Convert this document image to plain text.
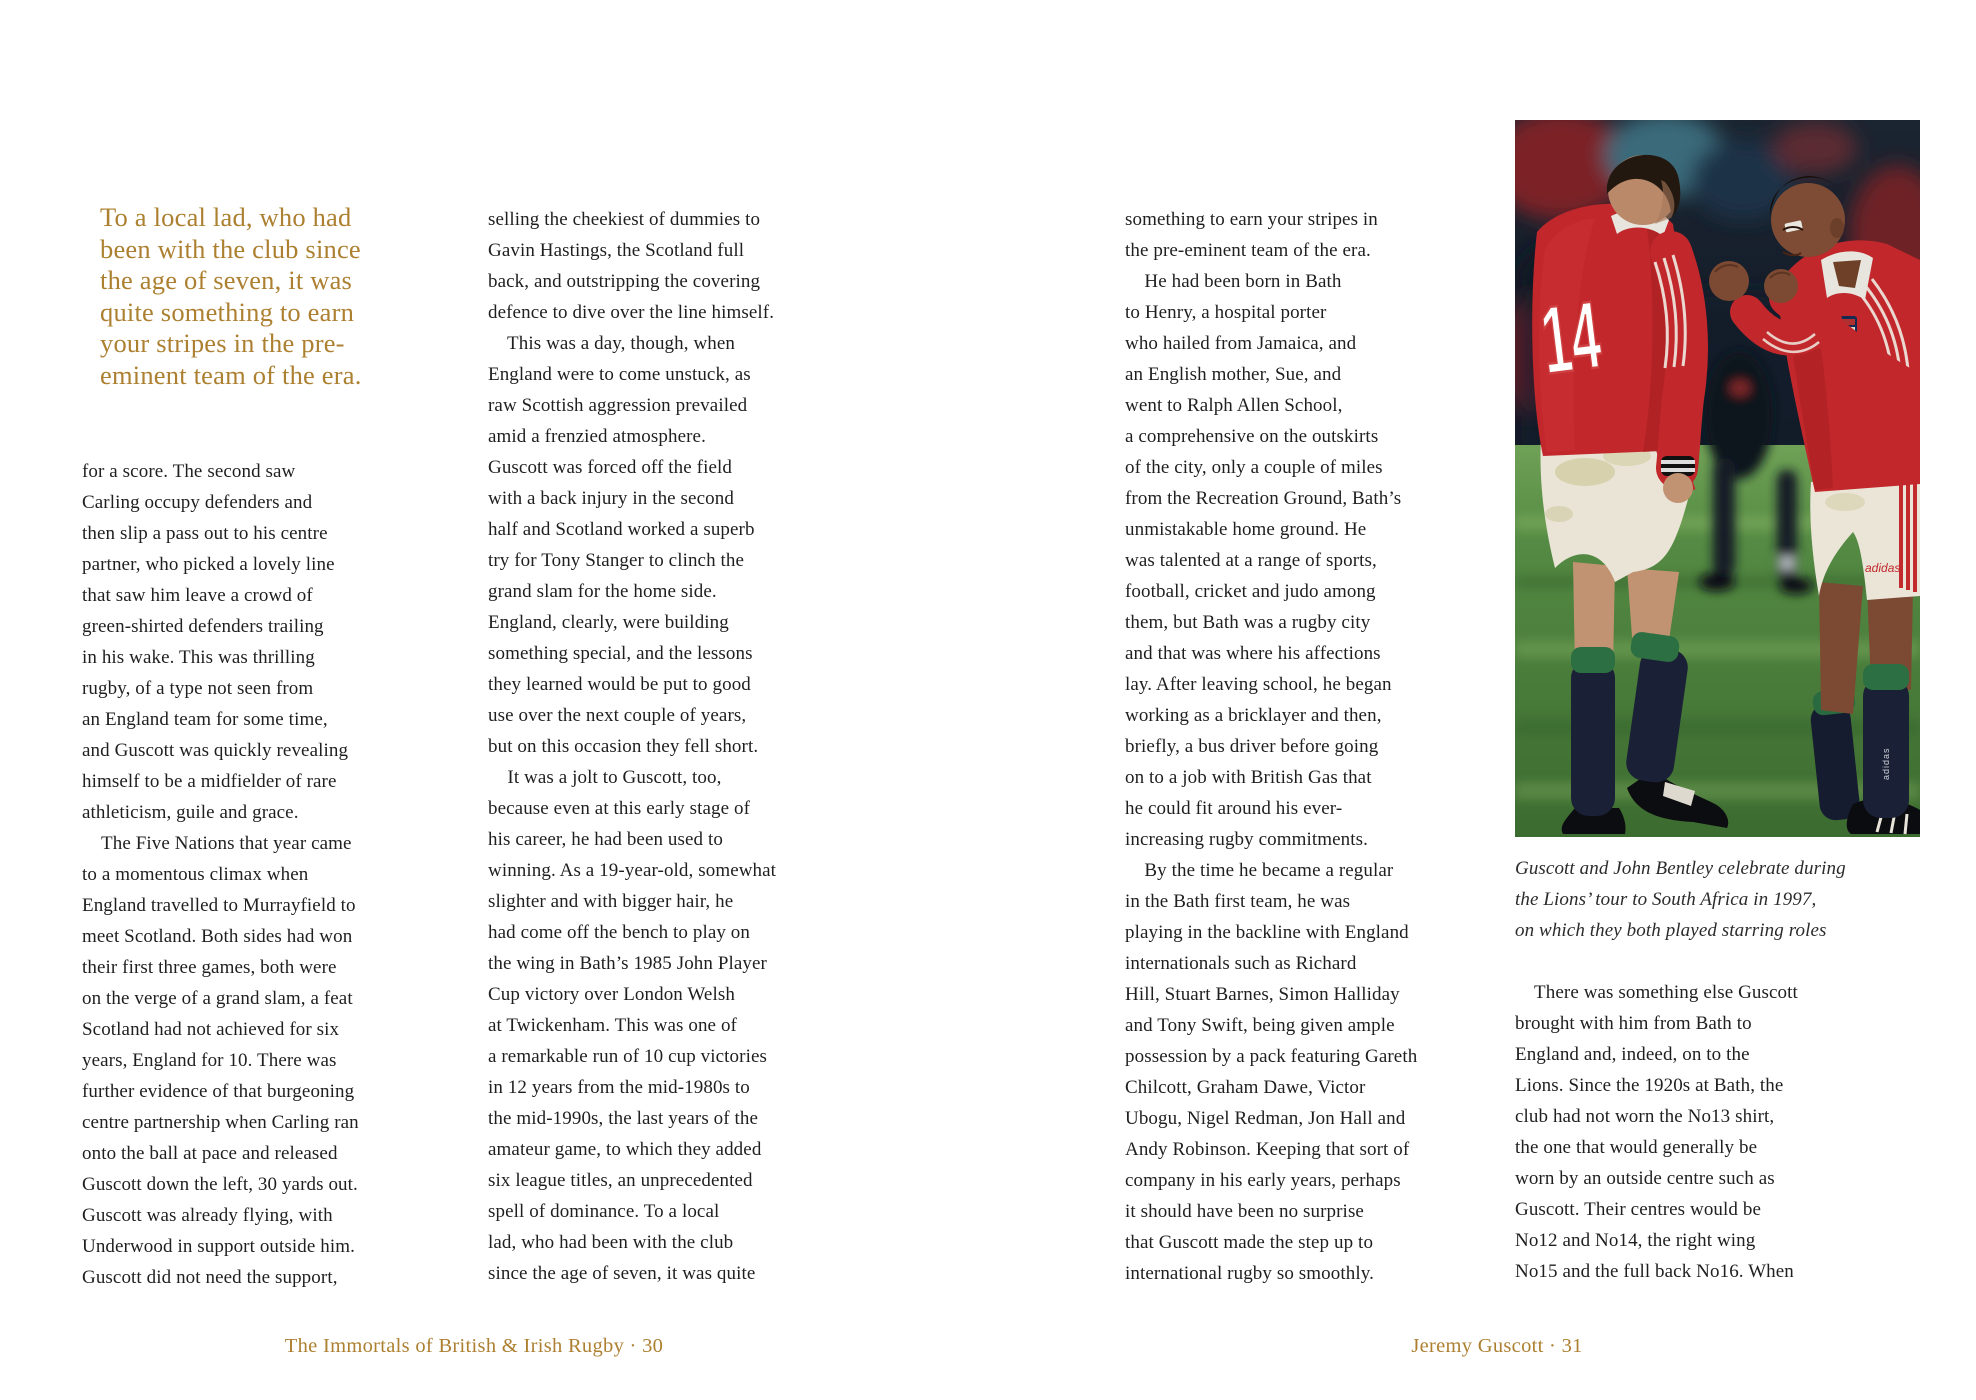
To a local lad, who had
been with the club since
the age of seven, it was
quite something to earn
your stripes in the pre-
eminent team of the era.
for a score. The second saw
Carling occupy defenders and
then slip a pass out to his centre
partner, who picked a lovely line
that saw him leave a crowd of
green-shirted defenders trailing
in his wake. This was thrilling
rugby, of a type not seen from
an England team for some time,
and Guscott was quickly revealing
himself to be a midfielder of rare
athleticism, guile and grace.
The Five Nations that year came
to a momentous climax when
England travelled to Murrayfield to
meet Scotland. Both sides had won
their first three games, both were
on the verge of a grand slam, a feat
Scotland had not achieved for six
years, England for 10. There was
further evidence of that burgeoning
centre partnership when Carling ran
onto the ball at pace and released
Guscott down the left, 30 yards out.
Guscott was already flying, with
Underwood in support outside him.
Guscott did not need the support,
selling the cheekiest of dummies to
Gavin Hastings, the Scotland full
back, and outstripping the covering
defence to dive over the line himself.
This was a day, though, when
England were to come unstuck, as
raw Scottish aggression prevailed
amid a frenzied atmosphere.
Guscott was forced off the field
with a back injury in the second
half and Scotland worked a superb
try for Tony Stanger to clinch the
grand slam for the home side.
England, clearly, were building
something special, and the lessons
they learned would be put to good
use over the next couple of years,
but on this occasion they fell short.
It was a jolt to Guscott, too,
because even at this early stage of
his career, he had been used to
winning. As a 19-year-old, somewhat
slighter and with bigger hair, he
had come off the bench to play on
the wing in Bath’s 1985 John Player
Cup victory over London Welsh
at Twickenham. This was one of
a remarkable run of 10 cup victories
in 12 years from the mid-1980s to
the mid-1990s, the last years of the
amateur game, to which they added
six league titles, an unprecedented
spell of dominance. To a local
lad, who had been with the club
since the age of seven, it was quite
The Immortals of British & Irish Rugby · 30
something to earn your stripes in
the pre-eminent team of the era.
He had been born in Bath
to Henry, a hospital porter
who hailed from Jamaica, and
an English mother, Sue, and
went to Ralph Allen School,
a comprehensive on the outskirts
of the city, only a couple of miles
from the Recreation Ground, Bath’s
unmistakable home ground. He
was talented at a range of sports,
football, cricket and judo among
them, but Bath was a rugby city
and that was where his affections
lay. After leaving school, he began
working as a bricklayer and then,
briefly, a bus driver before going
on to a job with British Gas that
he could fit around his ever-
increasing rugby commitments.
By the time he became a regular
in the Bath first team, he was
playing in the backline with England
internationals such as Richard
Hill, Stuart Barnes, Simon Halliday
and Tony Swift, being given ample
possession by a pack featuring Gareth
Chilcott, Graham Dawe, Victor
Ubogu, Nigel Redman, Jon Hall and
Andy Robinson. Keeping that sort of
company in his early years, perhaps
it should have been no surprise
that Guscott made the step up to
international rugby so smoothly.
14
adidas
adidas
Guscott and John Bentley celebrate during
the Lions’ tour to South Africa in 1997,
on which they both played starring roles
There was something else Guscott
brought with him from Bath to
England and, indeed, on to the
Lions. Since the 1920s at Bath, the
club had not worn the No13 shirt,
the one that would generally be
worn by an outside centre such as
Guscott. Their centres would be
No12 and No14, the right wing
No15 and the full back No16. When
Jeremy Guscott · 31
